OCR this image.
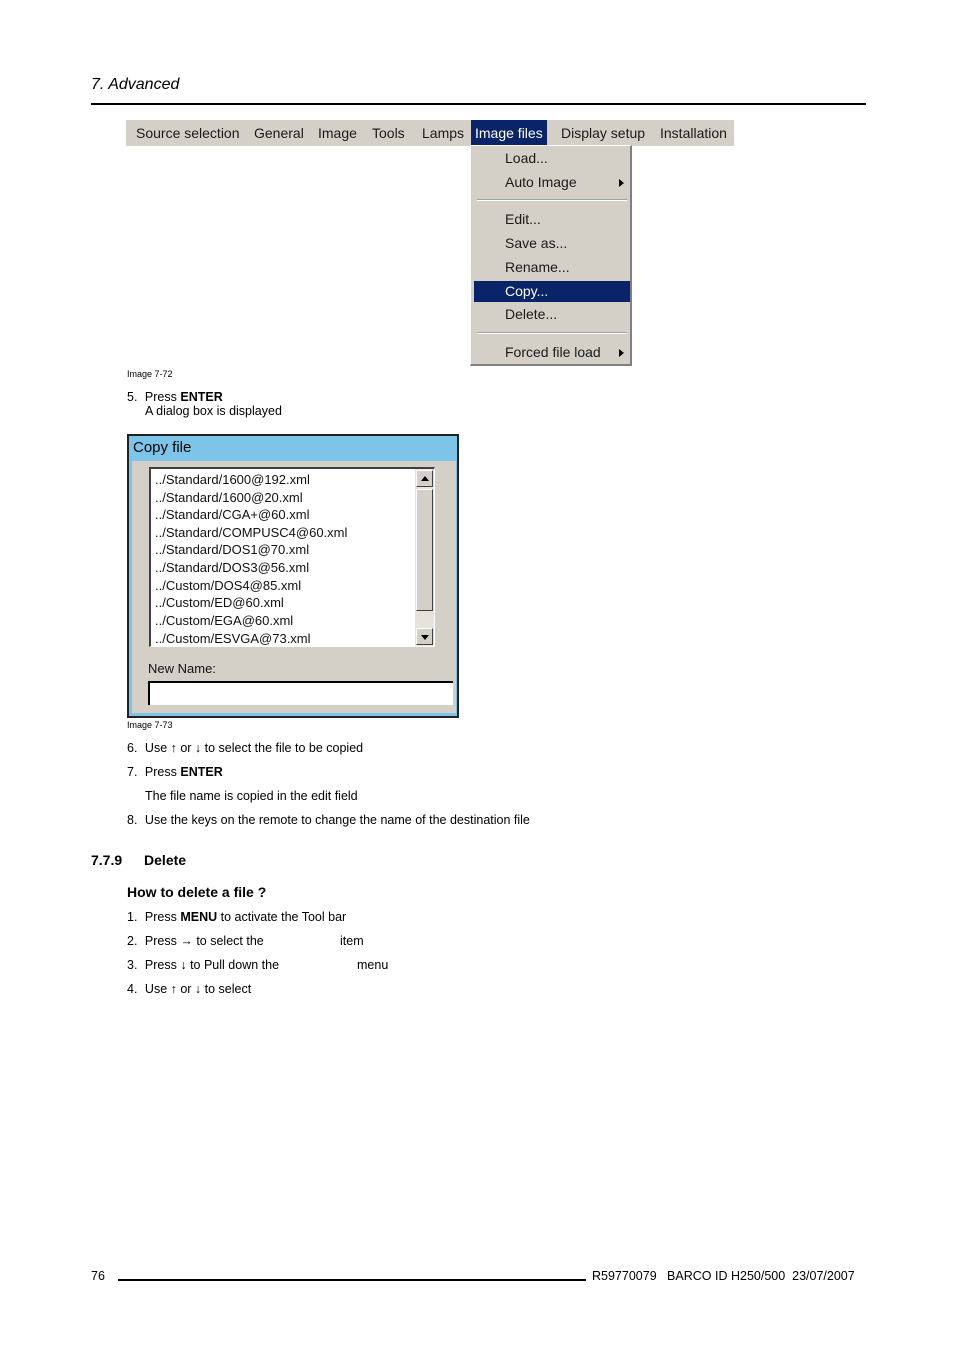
7. Advanced
Source selection General Image Tools Lamps Image files Display setup Installation
Load...
Auto Image
Edit...
Save as...
Rename...
Copy...
Delete...
Forced file load
Image 7-72
5. Press ENTER
A dialog box is displayed
Copy file
../Standard/1600@192.xml
../Standard/1600@20.xml
../Standard/CGA+@60.xml
../Standard/COMPUSC4@60.xml
../Standard/DOS1@70.xml
../Standard/DOS3@56.xml
../Custom/DOS4@85.xml
../Custom/ED@60.xml
../Custom/EGA@60.xml
../Custom/ESVGA@73.xml
New Name:
Image 7-73
6. Use ↑ or ↓ to select the file to be copied
7. Press ENTER
The file name is copied in the edit field
8. Use the keys on the remote to change the name of the destination file
7.7.9 Delete
How to delete a file ?
1. Press MENU to activate the Tool bar
2. Press → to select the	item
3. Press ↓ to Pull down the	menu
4. Use ↑ or ↓ to select
76	R59770079   BARCO ID H250/500  23/07/2007
